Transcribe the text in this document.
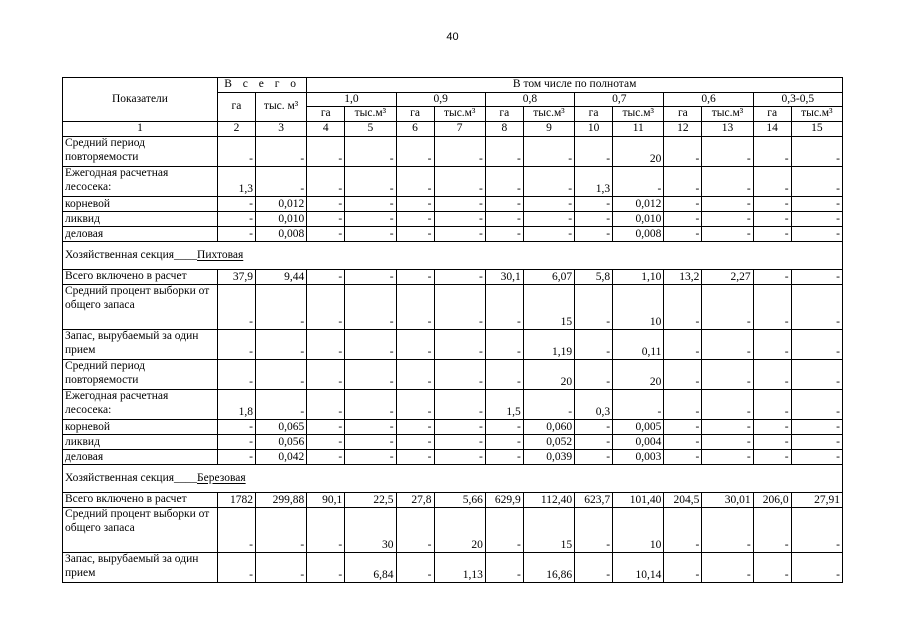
40
Показатели	В с е г о		В том числе по полнотам											
	га	тыс. м³	1,0		0,9		0,8		0,7		0,6		0,3-0,5	
			га	тыс.м³	га	тыс.м³	га	тыс.м³	га	тыс.м³	га	тыс.м³	га	тыс.м³
1	2	3	4	5	6	7	8	9	10	11	12	13	14	15
Средний период повторяемости	-	-	-	-	-	-	-	-	-	20	-	-	-	-
Ежегодная расчетная лесосека:	1,3	-	-	-	-	-	-	-	1,3	-	-	-	-	-
корневой	-	0,012	-	-	-	-	-	-	-	0,012	-	-	-	-
ликвид	-	0,010	-	-	-	-	-	-	-	0,010	-	-	-	-
деловая	-	0,008	-	-	-	-	-	-	-	0,008	-	-	-	-
Хозяйственная секция____Пихтовая														
Всего включено в расчет	37,9	9,44	-	-	-	-	30,1	6,07	5,8	1,10	13,2	2,27	-	-
Средний процент выборки от общего запаса	-	-	-	-	-	-	-	15	-	10	-	-	-	-
Запас, вырубаемый за один прием	-	-	-	-	-	-	-	1,19	-	0,11	-	-	-	-
Средний период повторяемости	-	-	-	-	-	-	-	20	-	20	-	-	-	-
Ежегодная расчетная лесосека:	1,8	-	-	-	-	-	1,5	-	0,3	-	-	-	-	-
корневой	-	0,065	-	-	-	-	-	0,060	-	0,005	-	-	-	-
ликвид	-	0,056	-	-	-	-	-	0,052	-	0,004	-	-	-	-
деловая	-	0,042	-	-	-	-	-	0,039	-	0,003	-	-	-	-
Хозяйственная секция____Березовая														
Всего включено в расчет	1782	299,88	90,1	22,5	27,8	5,66	629,9	112,40	623,7	101,40	204,5	30,01	206,0	27,91
Средний процент выборки от общего запаса	-	-	-	30	-	20	-	15	-	10	-	-	-	-
Запас, вырубаемый за один прием	-	-	-	6,84	-	1,13	-	16,86	-	10,14	-	-	-	-
